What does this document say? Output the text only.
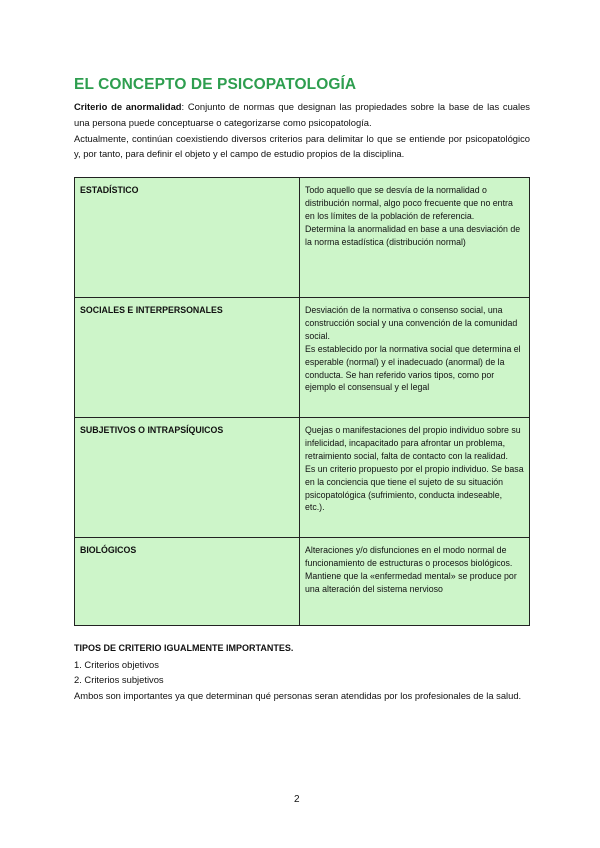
EL CONCEPTO DE PSICOPATOLOGÍA

Criterio de anormalidad: Conjunto de normas que designan las propiedades sobre la base de las cuales una persona puede conceptuarse o categorizarse como psicopatología.
Actualmente, continúan coexistiendo diversos criterios para delimitar lo que se entiende por psicopatológico y, por tanto, para definir el objeto y el campo de estudio propios de la disciplina.

ESTADÍSTICO	Todo aquello que se desvía de la normalidad o distribución normal, algo poco frecuente que no entra en los límites de la población de referencia.
Determina la anormalidad en base a una desviación de la norma estadística (distribución normal)

SOCIALES E INTERPERSONALES	Desviación de la normativa o consenso social, una construcción social y una convención de la comunidad social.
Es establecido por la normativa social que determina el esperable (normal) y el inadecuado (anormal) de la conducta. Se han referido varios tipos, como por ejemplo el consensual y el legal

SUBJETIVOS O INTRAPSÍQUICOS	Quejas o manifestaciones del propio individuo sobre su infelicidad, incapacitado para afrontar un problema, retraimiento social, falta de contacto con la realidad.
Es un criterio propuesto por el propio individuo. Se basa en la conciencia que tiene el sujeto de su situación psicopatológica (sufrimiento, conducta indeseable, etc.).

BIOLÓGICOS	Alteraciones y/o disfunciones en el modo normal de funcionamiento de estructuras o procesos biológicos.
Mantiene que la «enfermedad mental» se produce por una alteración del sistema nervioso
TIPOS DE CRITERIO IGUALMENTE IMPORTANTES.
1. Criterios objetivos
2. Criterios subjetivos
Ambos son importantes ya que determinan qué personas seran atendidas por los profesionales de la salud.
2
